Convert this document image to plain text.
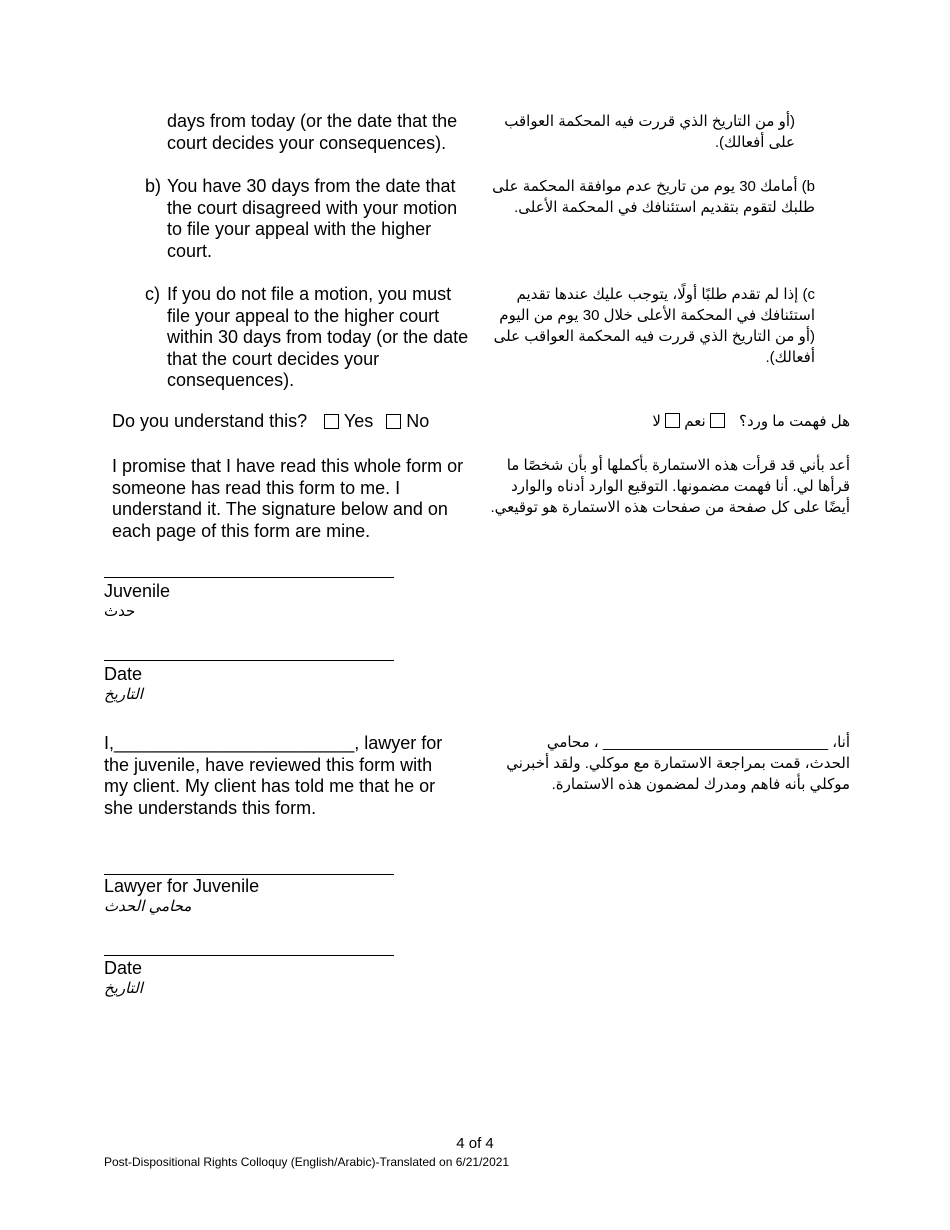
days from today (or the date that the court decides your consequences).
(أو من التاريخ الذي قررت فيه المحكمة العواقب على أفعالك).
b) You have 30 days from the date that the court disagreed with your motion to file your appeal with the higher court.
b) أمامك 30 يوم من تاريخ عدم موافقة المحكمة على طلبك لتقوم بتقديم استئنافك في المحكمة الأعلى.
c) If you do not file a motion, you must file your appeal to the higher court within 30 days from today (or the date that the court decides your consequences).
c) إذا لم تقدم طلبًا أولًا، يتوجب عليك عندها تقديم استئنافك في المحكمة الأعلى خلال 30 يوم من اليوم (أو من التاريخ الذي قررت فيه المحكمة العواقب على أفعالك).
Do you understand this? Yes No	هل فهمت ما ورد؟  نعم  لا
I promise that I have read this whole form or someone has read this form to me. I understand it. The signature below and on each page of this form are mine.
أعد بأني قد قرأت هذه الاستمارة بأكملها أو بأن شخصًا ما قرأها لي. أنا فهمت مضمونها. التوقيع الوارد أدناه والوارد أيضًا على كل صفحة من صفحات هذه الاستمارة هو توقيعي.
Juvenile
حدث
Date
التاريخ
I,________________________, lawyer for the juvenile, have reviewed this form with my client. My client has told me that he or she understands this form.
أنا، ___________________________ ، محامي الحدث، قمت بمراجعة الاستمارة مع موكلي. ولقد أخبرني موكلي بأنه فاهم ومدرك لمضمون هذه الاستمارة.
Lawyer for Juvenile
محامي الحدث
Date
التاريخ
4 of 4
Post-Dispositional Rights Colloquy (English/Arabic)-Translated on 6/21/2021
